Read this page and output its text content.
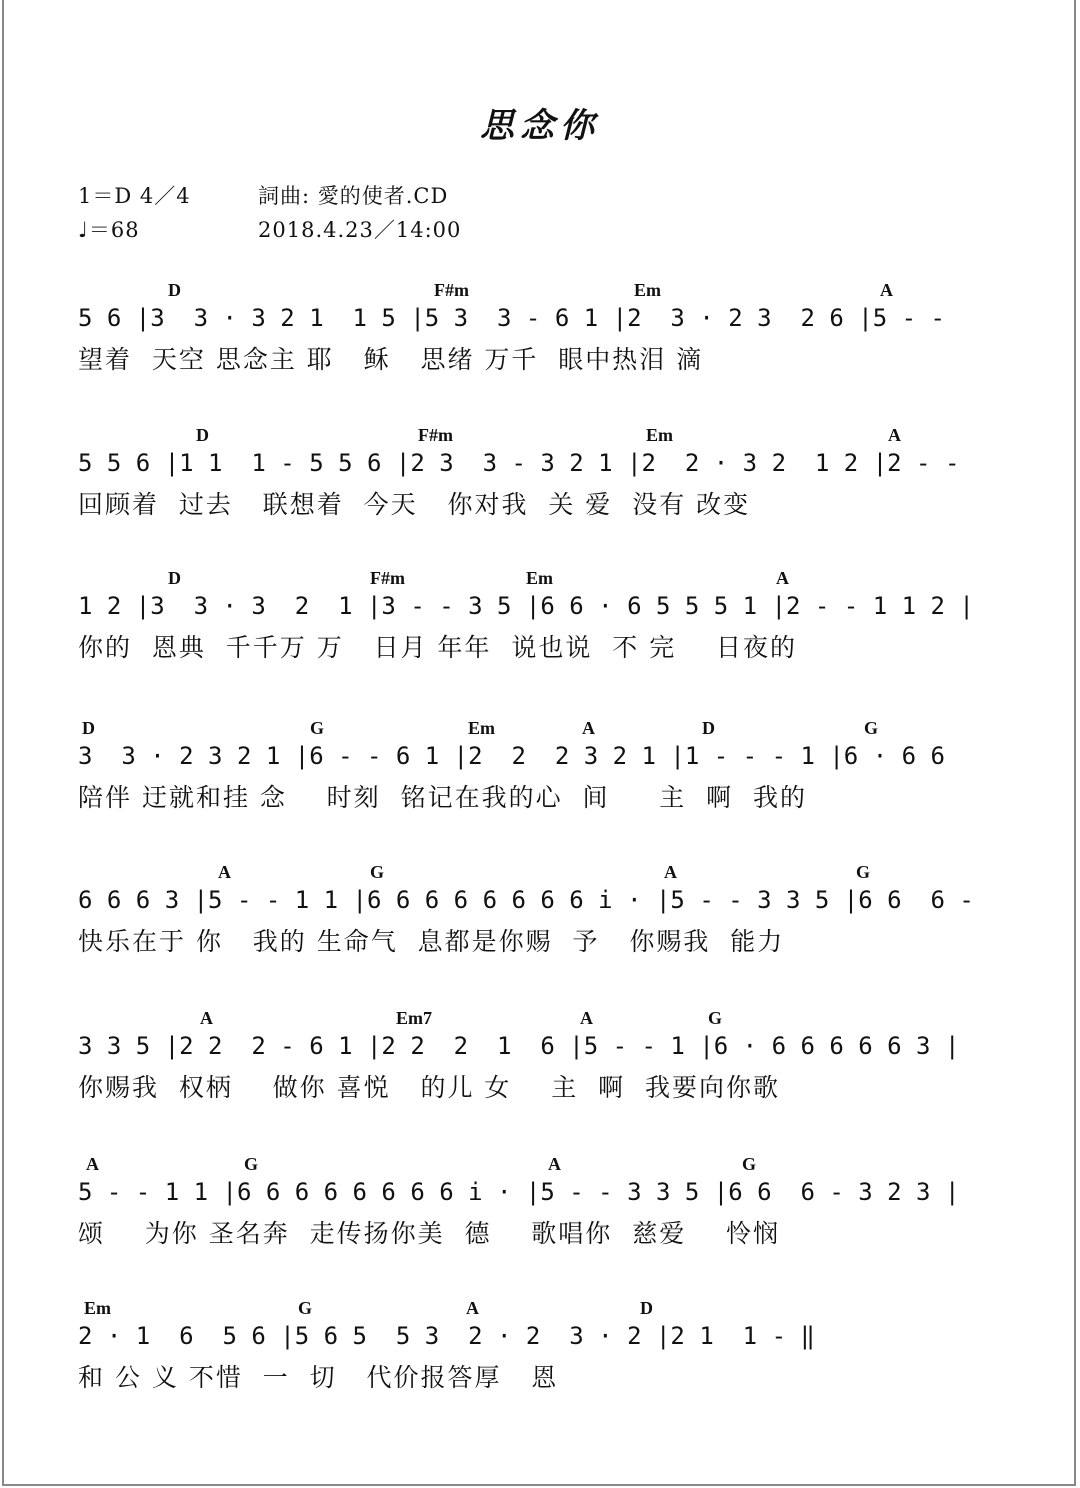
思念你
1＝D 4／4	詞曲: 愛的使者.CD
♩＝68	2018.4.23／14:00
D	F#m	Em	A
5 6 |3  3 · 3 2 1  1 5 |5 3  3 - 6 1 |2  3 · 2 3  2 6 |5 - -
望着  天空 思念主 耶   稣   思绪 万千  眼中热泪 滴
D	F#m	Em	A
5 5 6 |1 1  1 - 5 5 6 |2 3  3 - 3 2 1 |2  2 · 3 2  1 2 |2 - -
回顾着  过去   联想着  今天   你对我  关 爱  没有 改变
D	F#m	Em	A
1 2 |3  3 · 3  2  1 |3 - - 3 5 |6 6 · 6 5 5 5 1 |2 - - 1 1 2 |
你的  恩典  千千万 万   日月 年年  说也说  不 完    日夜的
D	G	Em	A	D	G
3  3 · 2 3 2 1 |6 - - 6 1 |2  2  2 3 2 1 |1 - - - 1 |6 · 6 6
陪伴 迂就和挂 念    时刻  铭记在我的心  间     主  啊  我的
A	G	A	G
6 6 6 3 |5 - - 1 1 |6 6 6 6 6 6 6 6 i · |5 - - 3 3 5 |6 6  6 -
快乐在于 你   我的 生命气  息都是你赐  予   你赐我  能力
A	Em7	A	G
3 3 5 |2 2  2 - 6 1 |2 2  2  1  6 |5 - - 1 |6 · 6 6 6 6 6 3 |
你赐我  权柄    做你 喜悦   的儿 女    主  啊  我要向你歌
A	G	A	G
5 - - 1 1 |6 6 6 6 6 6 6 6 i · |5 - - 3 3 5 |6 6  6 - 3 2 3 |
颂    为你 圣名奔  走传扬你美  德    歌唱你  慈爱    怜悯
Em	G	A	D
2 · 1  6  5 6 |5 6 5  5 3  2 · 2  3 · 2 |2 1  1 - ‖
和 公 义 不惜  一  切   代价报答厚   恩
